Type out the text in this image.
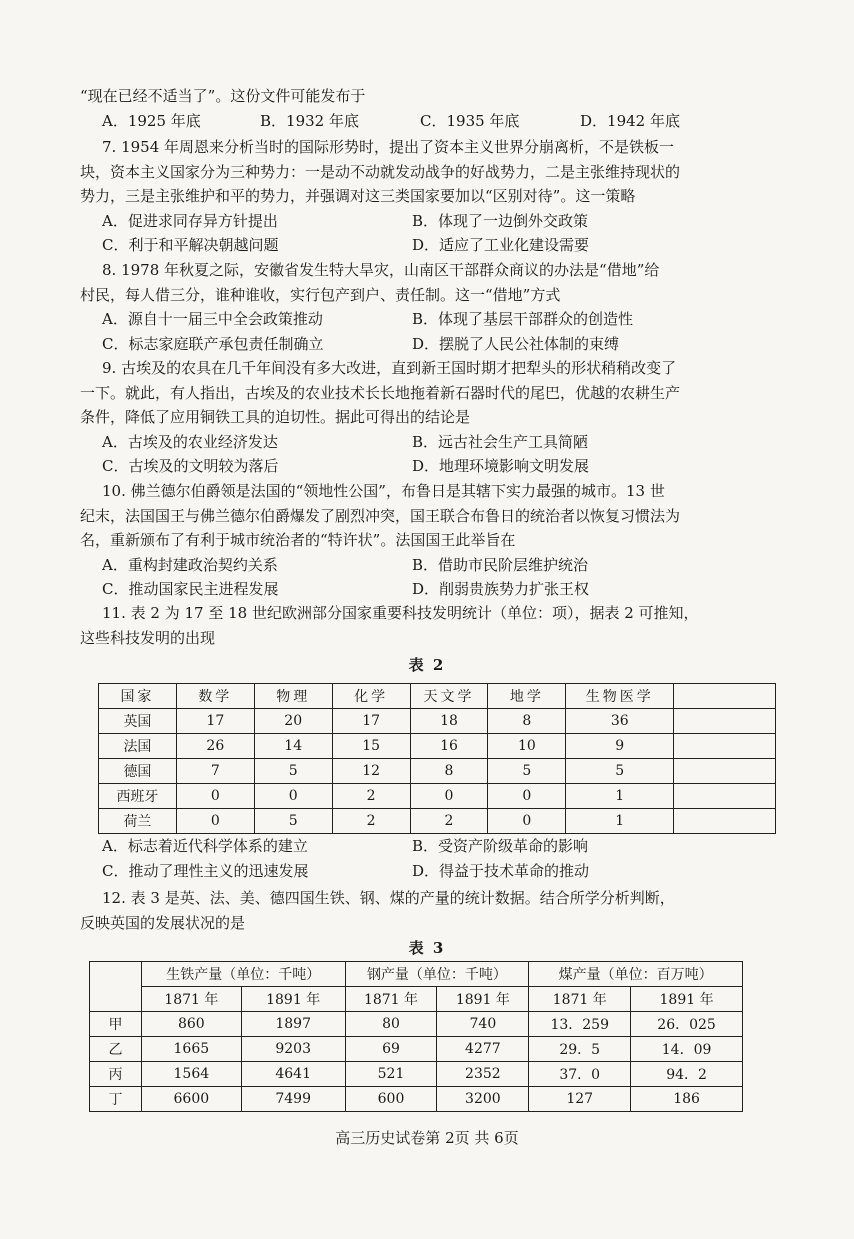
“现在已经不适当了”。这份文件可能发布于
A．1925 年底	B．1932 年底	C．1935 年底	D．1942 年底
7. 1954 年周恩来分析当时的国际形势时，提出了资本主义世界分崩离析，不是铁板一
块，资本主义国家分为三种势力：一是动不动就发动战争的好战势力，二是主张维持现状的
势力，三是主张维护和平的势力，并强调对这三类国家要加以“区别对待”。这一策略
A．促进求同存异方针提出	B．体现了一边倒外交政策
C．利于和平解决朝越问题	D．适应了工业化建设需要
8. 1978 年秋夏之际，安徽省发生特大旱灾，山南区干部群众商议的办法是“借地”给
村民，每人借三分，谁种谁收，实行包产到户、责任制。这一“借地”方式
A．源自十一届三中全会政策推动	B．体现了基层干部群众的创造性
C．标志家庭联产承包责任制确立	D．摆脱了人民公社体制的束缚
9. 古埃及的农具在几千年间没有多大改进，直到新王国时期才把犁头的形状稍稍改变了
一下。就此，有人指出，古埃及的农业技术长长地拖着新石器时代的尾巴，优越的农耕生产
条件，降低了应用铜铁工具的迫切性。据此可得出的结论是
A．古埃及的农业经济发达	B．远古社会生产工具简陋
C．古埃及的文明较为落后	D．地理环境影响文明发展
10. 佛兰德尔伯爵领是法国的“领地性公国”，布鲁日是其辖下实力最强的城市。13 世
纪末，法国国王与佛兰德尔伯爵爆发了剧烈冲突，国王联合布鲁日的统治者以恢复习惯法为
名，重新颁布了有利于城市统治者的“特许状”。法国国王此举旨在
A．重构封建政治契约关系	B．借助市民阶层维护统治
C．推动国家民主进程发展	D．削弱贵族势力扩张王权
11. 表 2 为 17 至 18 世纪欧洲部分国家重要科技发明统计（单位：项），据表 2 可推知，
这些科技发明的出现
表 2
国家	数学	物理	化学	天文学	地学	生物医学	
英国	17	20	17	18	8	36	
法国	26	14	15	16	10	9	
德国	7	5	12	8	5	5	
西班牙	0	0	2	0	0	1	
荷兰	0	5	2	2	0	1	
A．标志着近代科学体系的建立	B．受资产阶级革命的影响
C．推动了理性主义的迅速发展	D．得益于技术革命的推动
12. 表 3 是英、法、美、德四国生铁、钢、煤的产量的统计数据。结合所学分析判断，
反映英国的发展状况的是
表 3
	生铁产量（单位：千吨）		钢产量（单位：千吨）		煤产量（单位：百万吨）	
	1871 年	1891 年	1871 年	1891 年	1871 年	1891 年
甲	860	1897	80	740	13．259	26．025
乙	1665	9203	69	4277	29．5	14．09
丙	1564	4641	521	2352	37．0	94．2
丁	6600	7499	600	3200	127	186
高三历史试卷第 2页 共 6页
